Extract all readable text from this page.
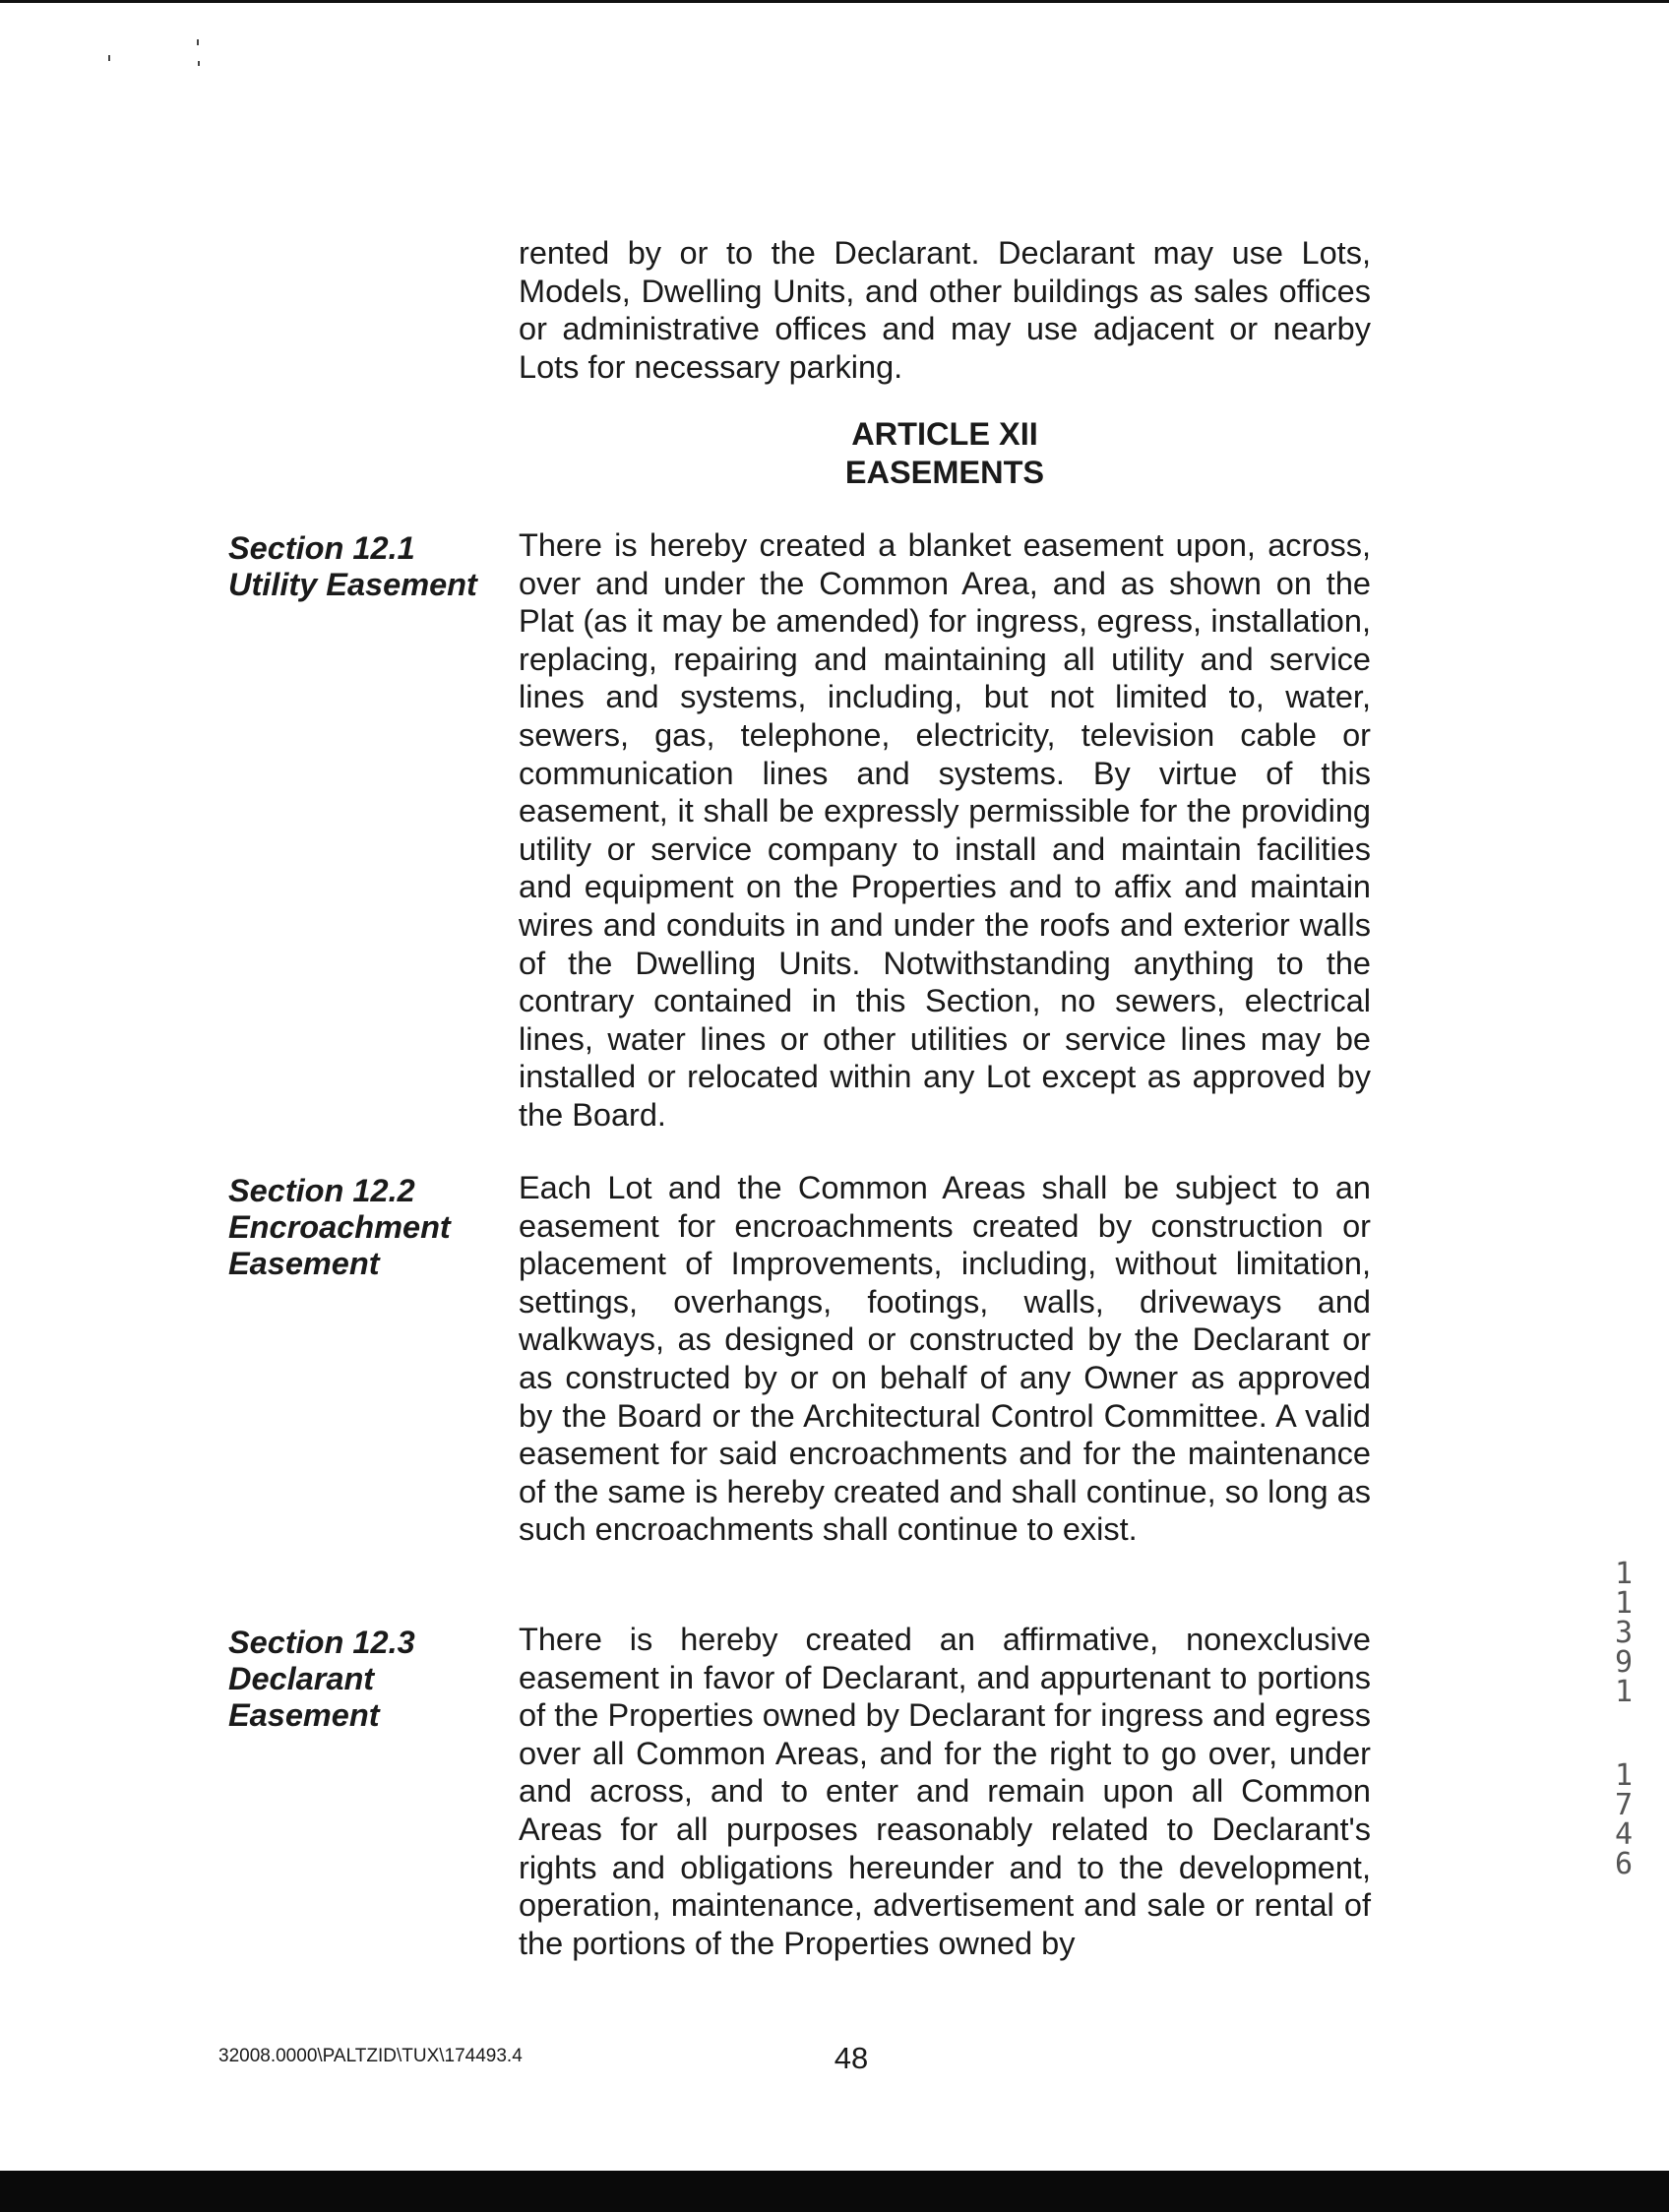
rented by or to the Declarant. Declarant may use Lots, Models, Dwelling Units, and other buildings as sales offices or administrative offices and may use adjacent or nearby Lots for necessary parking.

ARTICLE XII

EASEMENTS

Section 12.1
Utility Easement

There is hereby created a blanket easement upon, across, over and under the Common Area, and as shown on the Plat (as it may be amended) for ingress, egress, installation, replacing, repairing and maintaining all utility and service lines and systems, including, but not limited to, water, sewers, gas, telephone, electricity, television cable or communication lines and systems. By virtue of this easement, it shall be expressly permissible for the providing utility or service company to install and maintain facilities and equipment on the Properties and to affix and maintain wires and conduits in and under the roofs and exterior walls of the Dwelling Units. Notwithstanding anything to the contrary contained in this Section, no sewers, electrical lines, water lines or other utilities or service lines may be installed or relocated within any Lot except as approved by the Board.

Section 12.2
Encroachment
Easement

Each Lot and the Common Areas shall be subject to an easement for encroachments created by construction or placement of Improvements, including, without limitation, settings, overhangs, footings, walls, driveways and walkways, as designed or constructed by the Declarant or as constructed by or on behalf of any Owner as approved by the Board or the Architectural Control Committee. A valid easement for said encroachments and for the maintenance of the same is hereby created and shall continue, so long as such encroachments shall continue to exist.

Section 12.3
Declarant
Easement

There is hereby created an affirmative, nonexclusive easement in favor of Declarant, and appurtenant to portions of the Properties owned by Declarant for ingress and egress over all Common Areas, and for the right to go over, under and across, and to enter and remain upon all Common Areas for all purposes reasonably related to Declarant's rights and obligations hereunder and to the development, operation, maintenance, advertisement and sale or rental of the portions of the Properties owned by

1
1
3
9
1
1
7
4
6
32008.0000\PALTZID\TUX\174493.4	48
